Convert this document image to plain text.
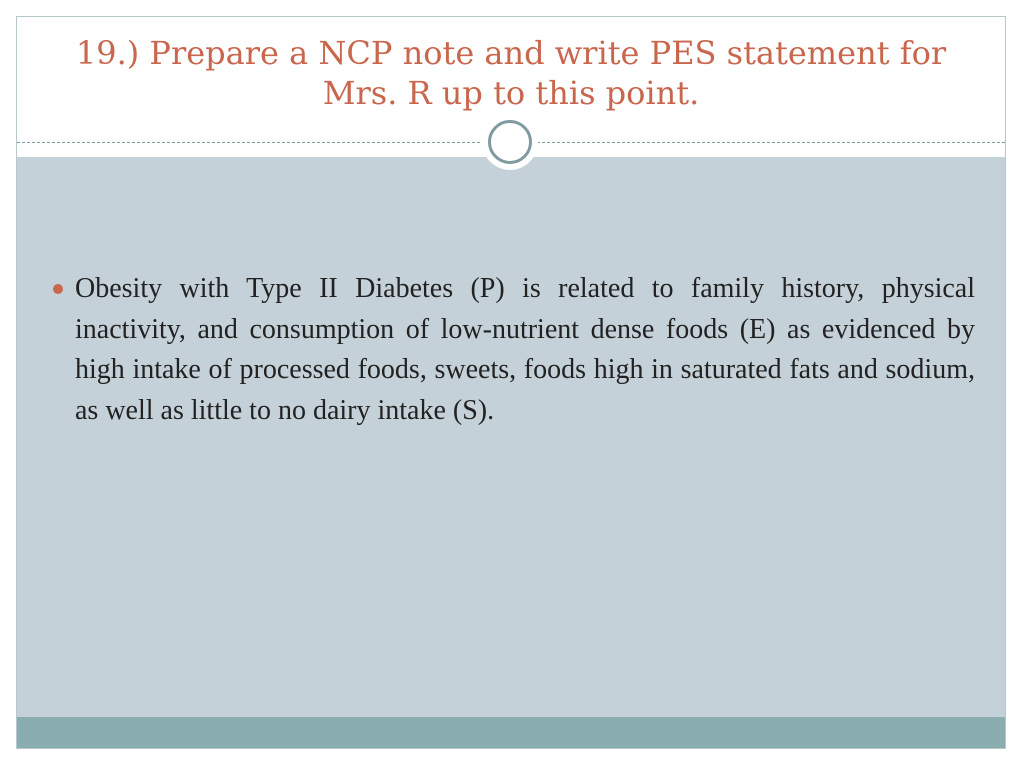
19.) Prepare a NCP note and write PES statement for Mrs. R up to this point.

Obesity with Type II Diabetes (P) is related to family history, physical inactivity, and consumption of low-nutrient dense foods (E) as evidenced by high intake of processed foods, sweets, foods high in saturated fats and sodium, as well as little to no dairy intake (S).
